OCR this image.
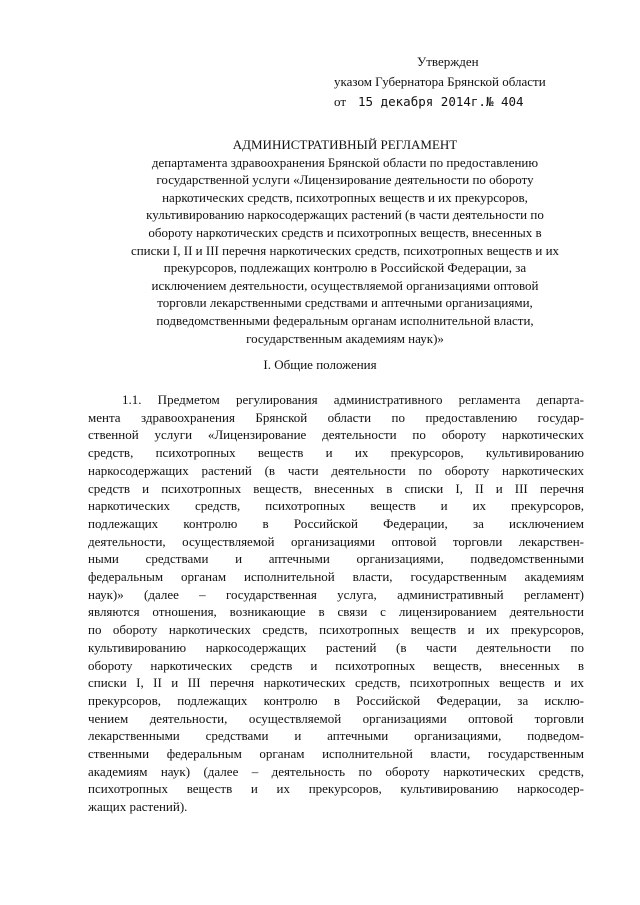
Утвержден
указом Губернатора Брянской области
от 15 декабря 2014г.№ 404
АДМИНИСТРАТИВНЫЙ РЕГЛАМЕНТ
департамента здравоохранения Брянской области по предоставлению
государственной услуги «Лицензирование деятельности по обороту
наркотических средств, психотропных веществ и их прекурсоров,
культивированию наркосодержащих растений (в части деятельности по
обороту наркотических средств и психотропных веществ, внесенных в
списки I, II и III перечня наркотических средств, психотропных веществ и их
прекурсоров, подлежащих контролю в Российской Федерации, за
исключением деятельности, осуществляемой организациями оптовой
торговли лекарственными средствами и аптечными организациями,
подведомственными федеральным органам исполнительной власти,
государственным академиям наук)»
I. Общие положения
1.1. Предметом регулирования административного регламента департа-
мента здравоохранения Брянской области по предоставлению государ-
ственной услуги «Лицензирование деятельности по обороту наркотических
средств, психотропных веществ и их прекурсоров, культивированию
наркосодержащих растений (в части деятельности по обороту наркотических
средств и психотропных веществ, внесенных в списки I, II и III перечня
наркотических средств, психотропных веществ и их прекурсоров,
подлежащих контролю в Российской Федерации, за исключением
деятельности, осуществляемой организациями оптовой торговли лекарствен-
ными средствами и аптечными организациями, подведомственными
федеральным органам исполнительной власти, государственным академиям
наук)» (далее – государственная услуга, административный регламент)
являются отношения, возникающие в связи с лицензированием деятельности
по обороту наркотических средств, психотропных веществ и их прекурсоров,
культивированию наркосодержащих растений (в части деятельности по
обороту наркотических средств и психотропных веществ, внесенных в
списки I, II и III перечня наркотических средств, психотропных веществ и их
прекурсоров, подлежащих контролю в Российской Федерации, за исклю-
чением деятельности, осуществляемой организациями оптовой торговли
лекарственными средствами и аптечными организациями, подведом-
ственными федеральным органам исполнительной власти, государственным
академиям наук) (далее – деятельность по обороту наркотических средств,
психотропных веществ и их прекурсоров, культивированию наркосодер-
жащих растений).
